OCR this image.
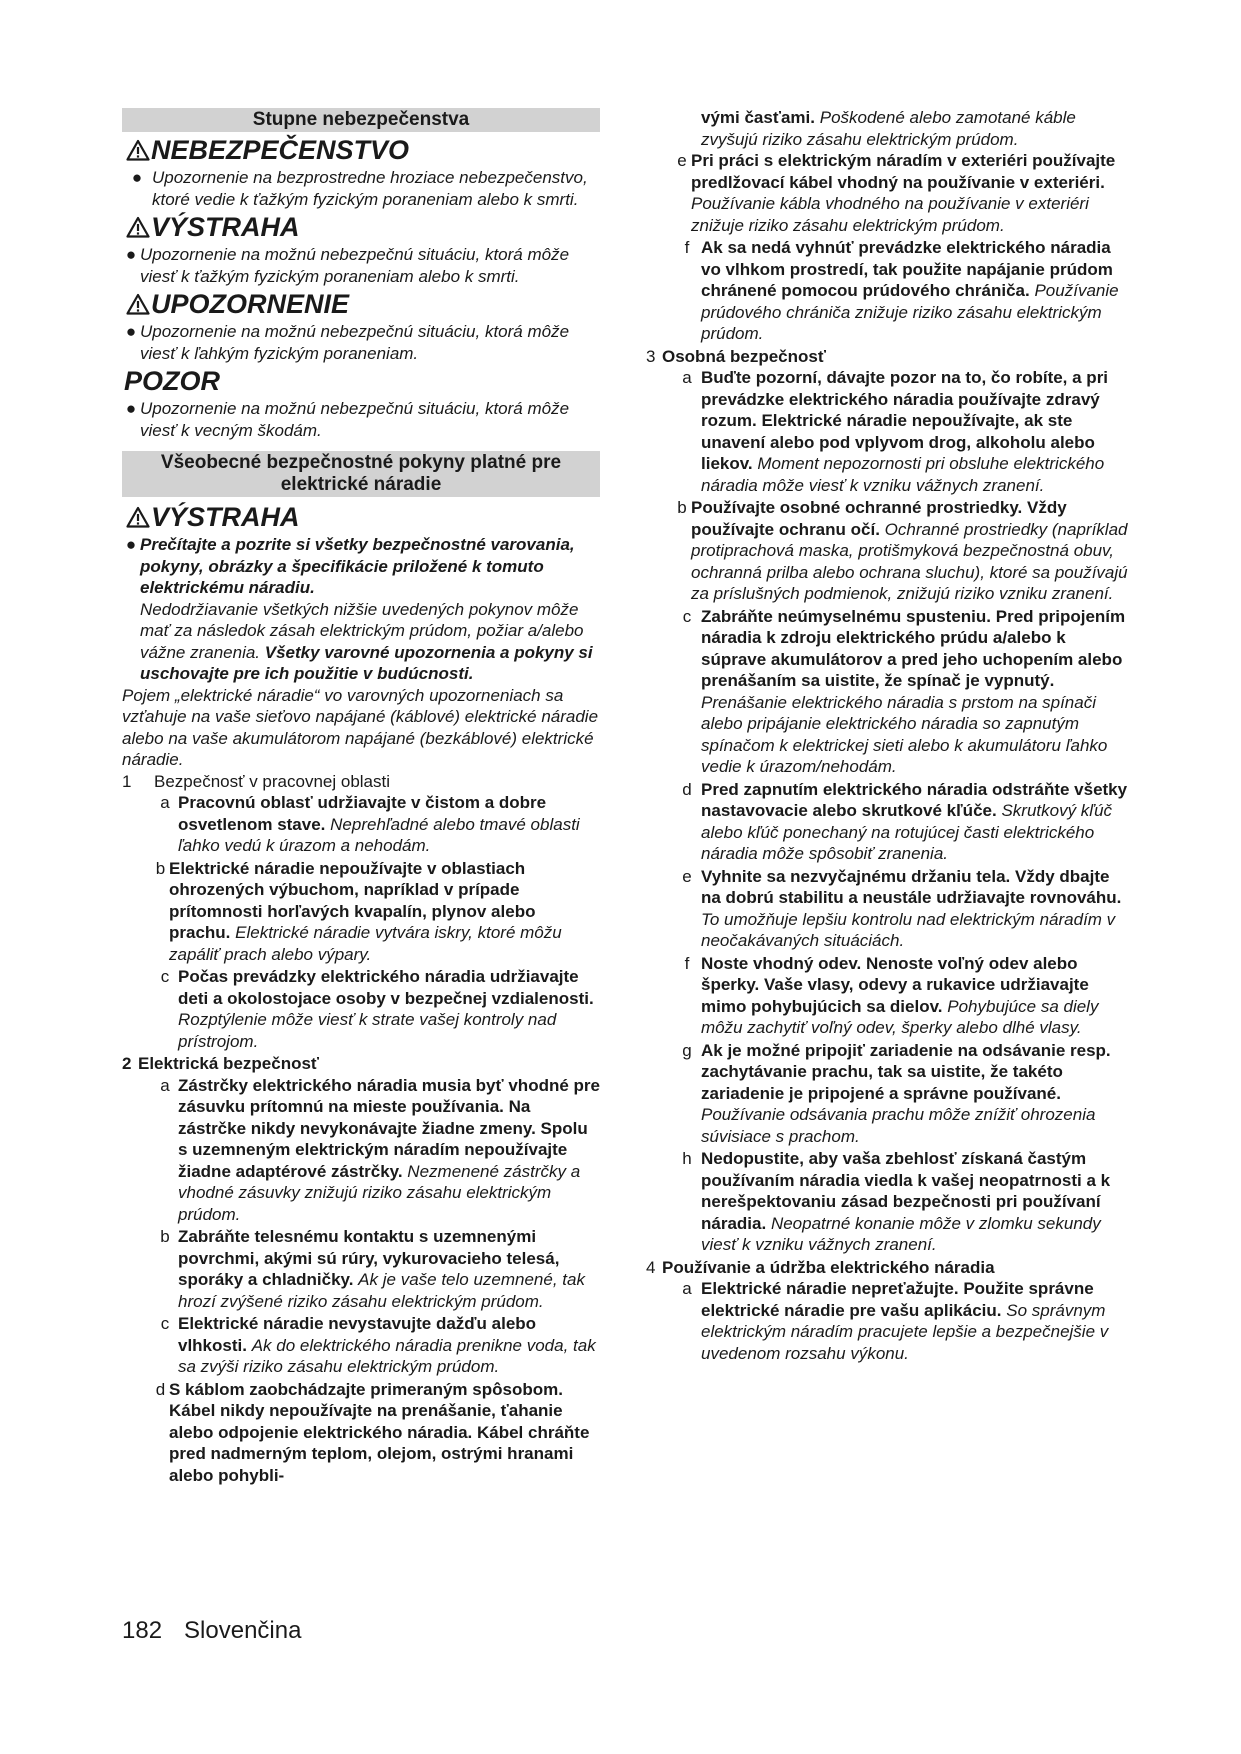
Stupne nebezpečenstva
NEBEZPEČENSTVO
● Upozornenie na bezprostredne hroziace nebezpečenstvo, ktoré vedie k ťažkým fyzickým poraneniam alebo k smrti.
VÝSTRAHA
● Upozornenie na možnú nebezpečnú situáciu, ktorá môže viesť k ťažkým fyzickým poraneniam alebo k smrti.
UPOZORNENIE
● Upozornenie na možnú nebezpečnú situáciu, ktorá môže viesť k ľahkým fyzickým poraneniam.
POZOR
● Upozornenie na možnú nebezpečnú situáciu, ktorá môže viesť k vecným škodám.
Všeobecné bezpečnostné pokyny platné pre elektrické náradie
VÝSTRAHA
● Prečítajte a pozrite si všetky bezpečnostné varovania, pokyny, obrázky a špecifikácie priložené k tomuto elektrickému náradiu.
Nedodržiavanie všetkých nižšie uvedených pokynov môže mať za následok zásah elektrickým prúdom, požiar a/alebo vážne zranenia. Všetky varovné upozornenia a pokyny si uschovajte pre ich použitie v budúcnosti.
Pojem „elektrické náradie“ vo varovných upozorneniach sa vzťahuje na vaše sieťovo napájané (káblové) elektrické náradie alebo na vaše akumulátorom napájané (bezkáblové) elektrické náradie.
1	Bezpečnosť v pracovnej oblasti
a Pracovnú oblasť udržiavajte v čistom a dobre osvetlenom stave. Neprehľadné alebo tmavé oblasti ľahko vedú k úrazom a nehodám.
b Elektrické náradie nepoužívajte v oblastiach ohrozených výbuchom, napríklad v prípade prítomnosti horľavých kvapalín, plynov alebo prachu. Elektrické náradie vytvára iskry, ktoré môžu zapáliť prach alebo výpary.
c Počas prevádzky elektrického náradia udržiavajte deti a okolostojace osoby v bezpečnej vzdialenosti. Rozptýlenie môže viesť k strate vašej kontroly nad prístrojom.
2 Elektrická bezpečnosť
a Zástrčky elektrického náradia musia byť vhodné pre zásuvku prítomnú na mieste používania. Na zástrčke nikdy nevykonávajte žiadne zmeny. Spolu s uzemneným elektrickým náradím nepoužívajte žiadne adaptérové zástrčky. Nezmenené zástrčky a vhodné zásuvky znižujú riziko zásahu elektrickým prúdom.
b Zabráňte telesnému kontaktu s uzemnenými povrchmi, akými sú rúry, vykurovacieho telesá, sporáky a chladničky. Ak je vaše telo uzemnené, tak hrozí zvýšené riziko zásahu elektrickým prúdom.
c Elektrické náradie nevystavujte dažďu alebo vlhkosti. Ak do elektrického náradia prenikne voda, tak sa zvýši riziko zásahu elektrickým prúdom.
d S káblom zaobchádzajte primeraným spôsobom. Kábel nikdy nepoužívajte na prenášanie, ťahanie alebo odpojenie elektrického náradia. Kábel chráňte pred nadmerným teplom, olejom, ostrými hranami alebo pohybli-
vými časťami. Poškodené alebo zamotané káble zvyšujú riziko zásahu elektrickým prúdom.
e Pri práci s elektrickým náradím v exteriéri používajte predlžovací kábel vhodný na používanie v exteriéri. Používanie kábla vhodného na používanie v exteriéri znižuje riziko zásahu elektrickým prúdom.
f Ak sa nedá vyhnúť prevádzke elektrického náradia vo vlhkom prostredí, tak použite napájanie prúdom chránené pomocou prúdového chrániča. Používanie prúdového chrániča znižuje riziko zásahu elektrickým prúdom.
3 Osobná bezpečnosť
a Buďte pozorní, dávajte pozor na to, čo robíte, a pri prevádzke elektrického náradia používajte zdravý rozum. Elektrické náradie nepoužívajte, ak ste unavení alebo pod vplyvom drog, alkoholu alebo liekov. Moment nepozornosti pri obsluhe elektrického náradia môže viesť k vzniku vážnych zranení.
b Používajte osobné ochranné prostriedky. Vždy používajte ochranu očí. Ochranné prostriedky (napríklad protiprachová maska, protišmyková bezpečnostná obuv, ochranná prilba alebo ochrana sluchu), ktoré sa používajú za príslušných podmienok, znižujú riziko vzniku zranení.
c Zabráňte neúmyselnému spusteniu. Pred pripojením náradia k zdroju elektrického prúdu a/alebo k súprave akumulátorov a pred jeho uchopením alebo prenášaním sa uistite, že spínač je vypnutý. Prenášanie elektrického náradia s prstom na spínači alebo pripájanie elektrického náradia so zapnutým spínačom k elektrickej sieti alebo k akumulátoru ľahko vedie k úrazom/nehodám.
d Pred zapnutím elektrického náradia odstráňte všetky nastavovacie alebo skrutkové kľúče. Skrutkový kľúč alebo kľúč ponechaný na rotujúcej časti elektrického náradia môže spôsobiť zranenia.
e Vyhnite sa nezvyčajnému držaniu tela. Vždy dbajte na dobrú stabilitu a neustále udržiavajte rovnováhu. To umožňuje lepšiu kontrolu nad elektrickým náradím v neočakávaných situáciách.
f Noste vhodný odev. Nenoste voľný odev alebo šperky. Vaše vlasy, odevy a rukavice udržiavajte mimo pohybujúcich sa dielov. Pohybujúce sa diely môžu zachytiť voľný odev, šperky alebo dlhé vlasy.
g Ak je možné pripojiť zariadenie na odsávanie resp. zachytávanie prachu, tak sa uistite, že takéto zariadenie je pripojené a správne používané. Používanie odsávania prachu môže znížiť ohrozenia súvisiace s prachom.
h Nedopustite, aby vaša zbehlosť získaná častým používaním náradia viedla k vašej neopatrnosti a k nerešpektovaniu zásad bezpečnosti pri používaní náradia. Neopatrné konanie môže v zlomku sekundy viesť k vzniku vážnych zranení.
4 Používanie a údržba elektrického náradia
a Elektrické náradie nepreťažujte. Použite správne elektrické náradie pre vašu aplikáciu. So správnym elektrickým náradím pracujete lepšie a bezpečnejšie v uvedenom rozsahu výkonu.
182 Slovenčina
